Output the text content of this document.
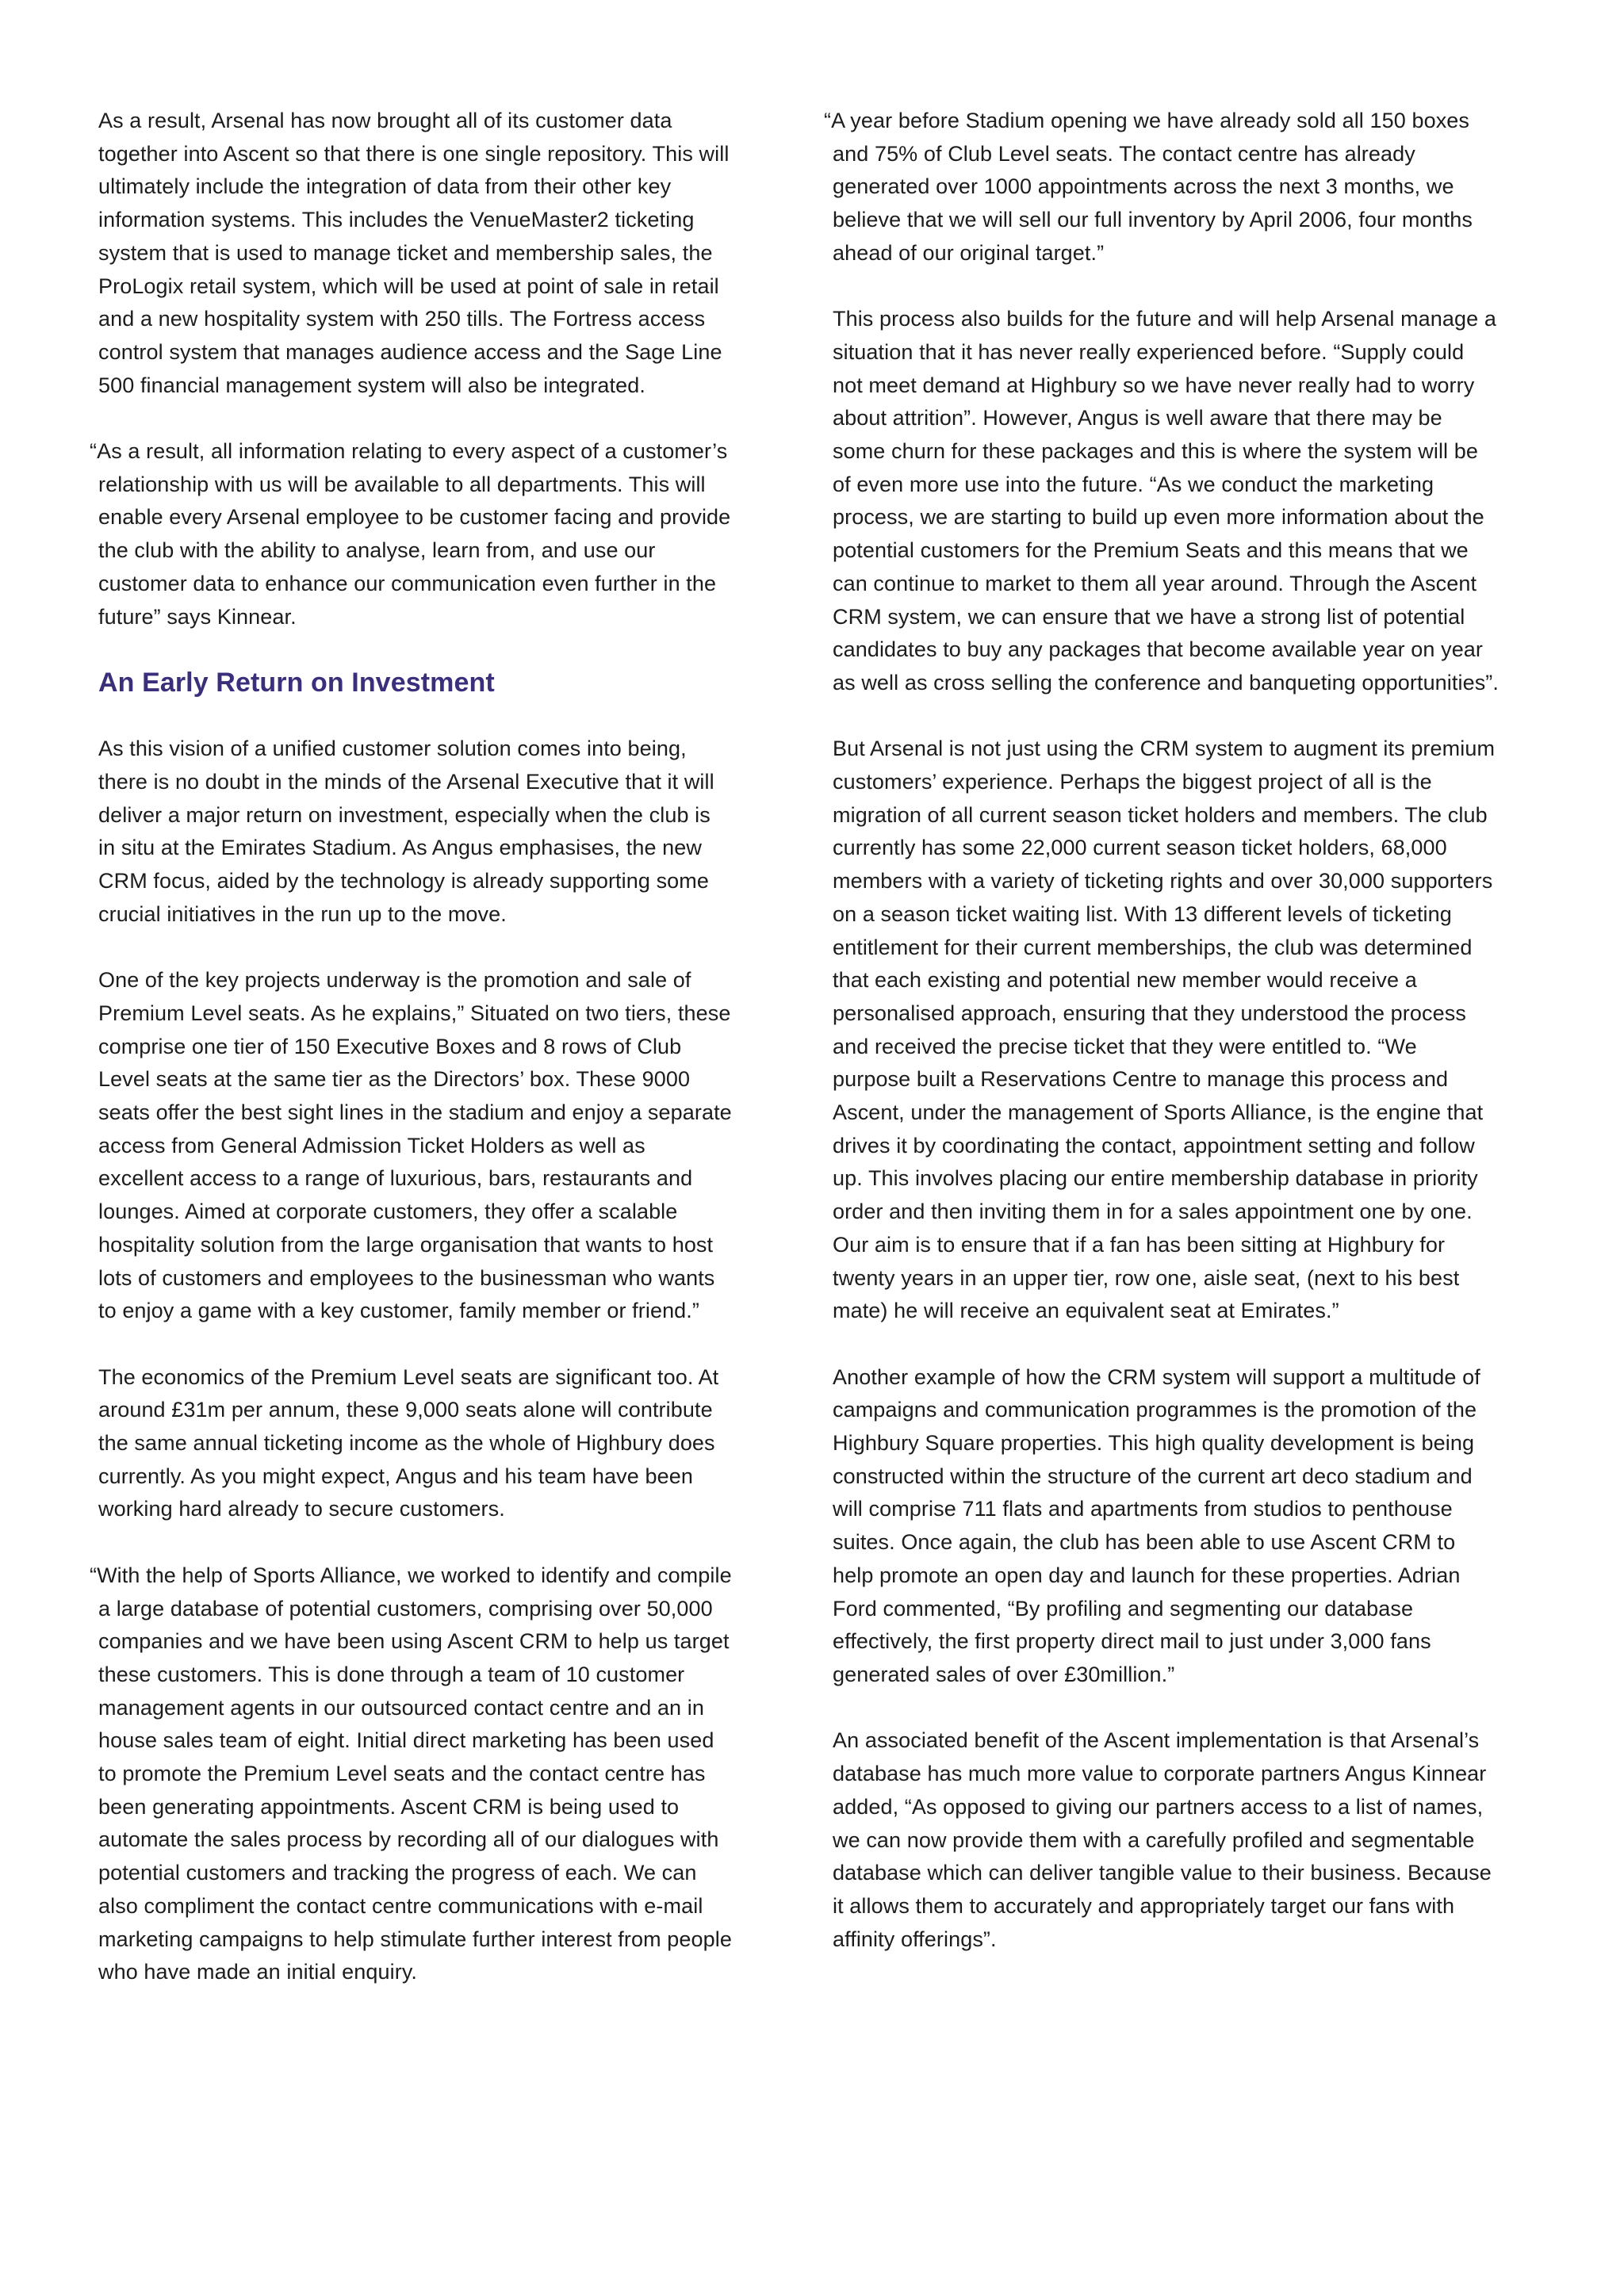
As a result, Arsenal has now brought all of its customer data together into Ascent so that there is one single repository. This will ultimately include the integration of data from their other key information systems. This includes the VenueMaster2 ticketing system that is used to manage ticket and membership sales, the ProLogix retail system, which will be used at point of sale in retail and a new hospitality system with 250 tills. The Fortress access control system that manages audience access and the Sage Line 500 financial management system will also be integrated.

“As a result, all information relating to every aspect of a customer’s relationship with us will be available to all departments. This will enable every Arsenal employee to be customer facing and provide the club with the ability to analyse, learn from, and use our customer data to enhance our communication even further in the future” says Kinnear.

An Early Return on Investment

As this vision of a unified customer solution comes into being, there is no doubt in the minds of the Arsenal Executive that it will deliver a major return on investment, especially when the club is in situ at the Emirates Stadium. As Angus emphasises, the new CRM focus, aided by the technology is already supporting some crucial initiatives in the run up to the move.

One of the key projects underway is the promotion and sale of Premium Level seats. As he explains,” Situated on two tiers, these comprise one tier of 150 Executive Boxes and 8 rows of Club Level seats at the same tier as the Directors’ box. These 9000 seats offer the best sight lines in the stadium and enjoy a separate access from General Admission Ticket Holders as well as excellent access to a range of luxurious, bars, restaurants and lounges. Aimed at corporate customers, they offer a scalable hospitality solution from the large organisation that wants to host lots of customers and employees to the businessman who wants to enjoy a game with a key customer, family member or friend.”

The economics of the Premium Level seats are significant too. At around £31m per annum, these 9,000 seats alone will contribute the same annual ticketing income as the whole of Highbury does currently. As you might expect, Angus and his team have been working hard already to secure customers.

“With the help of Sports Alliance, we worked to identify and compile a large database of potential customers, comprising over 50,000 companies and we have been using Ascent CRM to help us target these customers. This is done through a team of 10 customer management agents in our outsourced contact centre and an in house sales team of eight. Initial direct marketing has been used to promote the Premium Level seats and the contact centre has been generating appointments. Ascent CRM is being used to automate the sales process by recording all of our dialogues with potential customers and tracking the progress of each. We can also compliment the contact centre communications with e-mail marketing campaigns to help stimulate further interest from people who have made an initial enquiry.

“A year before Stadium opening we have already sold all 150 boxes and 75% of Club Level seats. The contact centre has already generated over 1000 appointments across the next 3 months, we believe that we will sell our full inventory by April 2006, four months ahead of our original target.”

This process also builds for the future and will help Arsenal manage a situation that it has never really experienced before. “Supply could not meet demand at Highbury so we have never really had to worry about attrition”. However, Angus is well aware that there may be some churn for these packages and this is where the system will be of even more use into the future. “As we conduct the marketing process, we are starting to build up even more information about the potential customers for the Premium Seats and this means that we can continue to market to them all year around. Through the Ascent CRM system, we can ensure that we have a strong list of potential candidates to buy any packages that become available year on year as well as cross selling the conference and banqueting opportunities”.

But Arsenal is not just using the CRM system to augment its premium customers’ experience. Perhaps the biggest project of all is the migration of all current season ticket holders and members. The club currently has some 22,000 current season ticket holders, 68,000 members with a variety of ticketing rights and over 30,000 supporters on a season ticket waiting list. With 13 different levels of ticketing entitlement for their current memberships, the club was determined that each existing and potential new member would receive a personalised approach, ensuring that they understood the process and received the precise ticket that they were entitled to. “We purpose built a Reservations Centre to manage this process and Ascent, under the management of Sports Alliance, is the engine that drives it by coordinating the contact, appointment setting and follow up. This involves placing our entire membership database in priority order and then inviting them in for a sales appointment one by one. Our aim is to ensure that if a fan has been sitting at Highbury for twenty years in an upper tier, row one, aisle seat, (next to his best mate) he will receive an equivalent seat at Emirates.”

Another example of how the CRM system will support a multitude of campaigns and communication programmes is the promotion of the Highbury Square properties. This high quality development is being constructed within the structure of the current art deco stadium and will comprise 711 flats and apartments from studios to penthouse suites. Once again, the club has been able to use Ascent CRM to help promote an open day and launch for these properties. Adrian Ford commented, “By profiling and segmenting our database effectively, the first property direct mail to just under 3,000 fans generated sales of over £30million.”

An associated benefit of the Ascent implementation is that Arsenal’s database has much more value to corporate partners Angus Kinnear added, “As opposed to giving our partners access to a list of names, we can now provide them with a carefully profiled and segmentable database which can deliver tangible value to their business. Because it allows them to accurately and appropriately target our fans with affinity offerings”.
